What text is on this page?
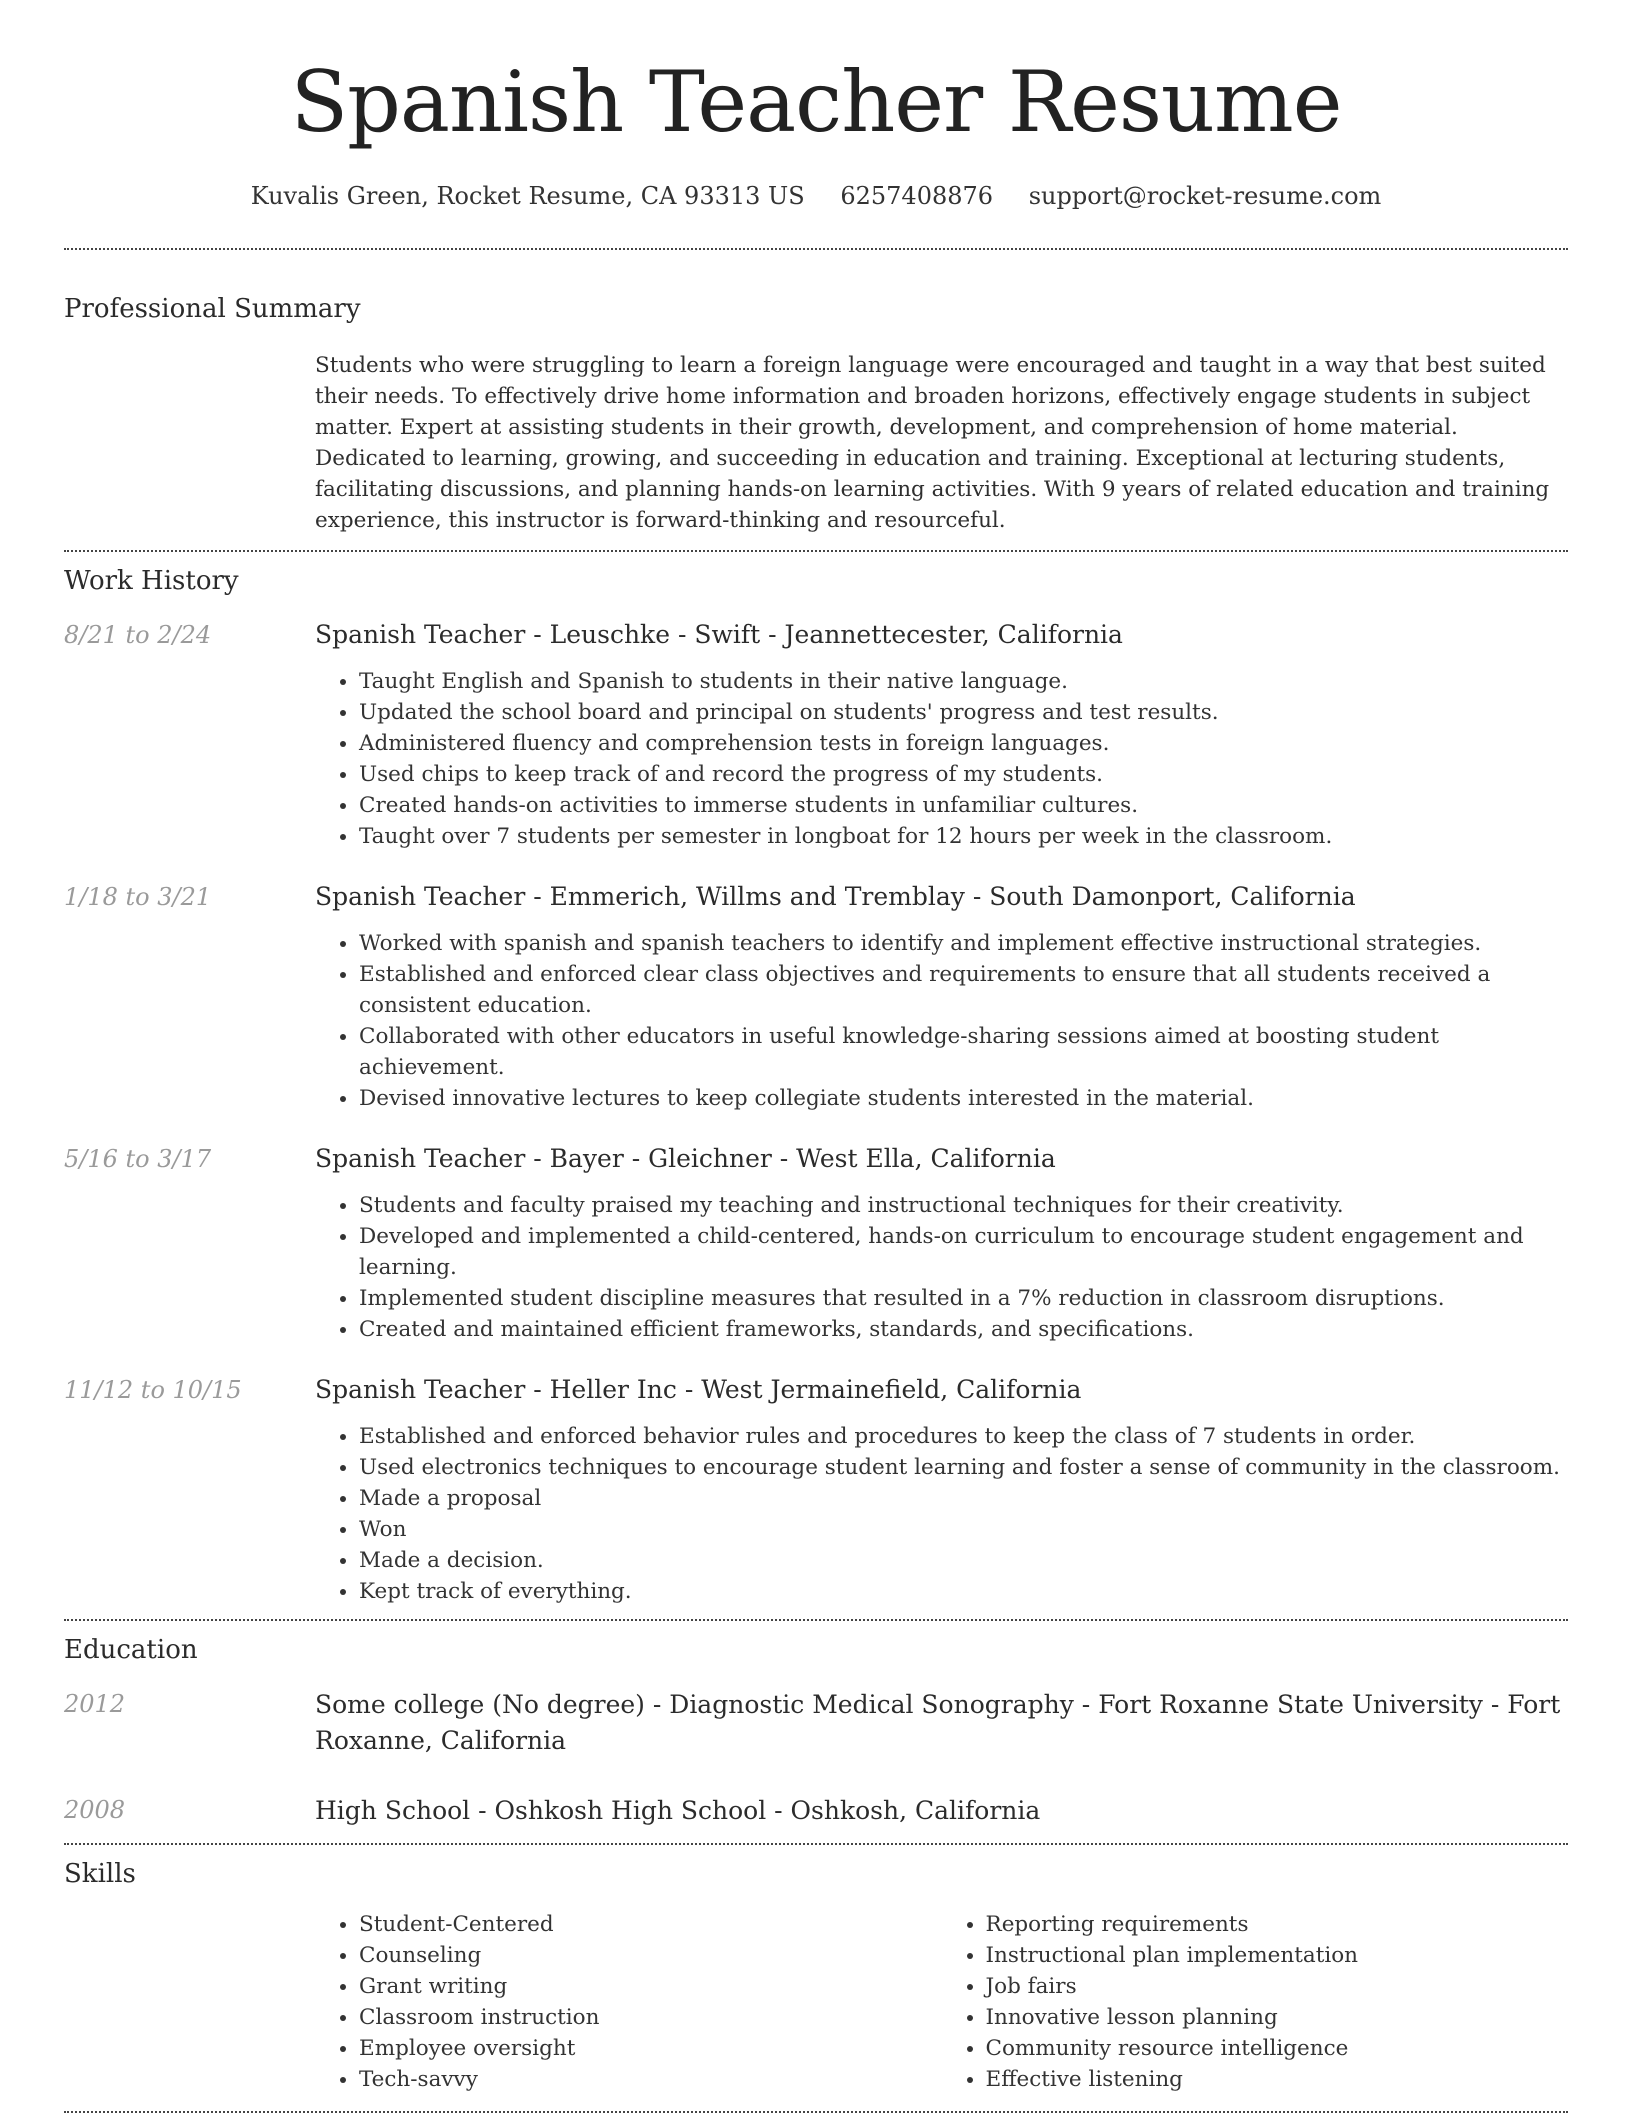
Spanish Teacher Resume
Kuvalis Green, Rocket Resume, CA 93313 US 6257408876 support@rocket-resume.com
Professional Summary

Students who were struggling to learn a foreign language were encouraged and taught in a way that best suited their needs. To effectively drive home information and broaden horizons, effectively engage students in subject matter. Expert at assisting students in their growth, development, and comprehension of home material. Dedicated to learning, growing, and succeeding in education and training. Exceptional at lecturing students, facilitating discussions, and planning hands-on learning activities. With 9 years of related education and training experience, this instructor is forward-thinking and resourceful.

Work History
8/21 to 2/24	Spanish Teacher - Leuschke - Swift - Jeannettecester, California
• Taught English and Spanish to students in their native language.
• Updated the school board and principal on students' progress and test results.
• Administered fluency and comprehension tests in foreign languages.
• Used chips to keep track of and record the progress of my students.
• Created hands-on activities to immerse students in unfamiliar cultures.
• Taught over 7 students per semester in longboat for 12 hours per week in the classroom.
1/18 to 3/21	Spanish Teacher - Emmerich, Willms and Tremblay - South Damonport, California
• Worked with spanish and spanish teachers to identify and implement effective instructional strategies.
• Established and enforced clear class objectives and requirements to ensure that all students received a consistent education.
• Collaborated with other educators in useful knowledge-sharing sessions aimed at boosting student achievement.
• Devised innovative lectures to keep collegiate students interested in the material.
5/16 to 3/17	Spanish Teacher - Bayer - Gleichner - West Ella, California
• Students and faculty praised my teaching and instructional techniques for their creativity.
• Developed and implemented a child-centered, hands-on curriculum to encourage student engagement and learning.
• Implemented student discipline measures that resulted in a 7% reduction in classroom disruptions.
• Created and maintained efficient frameworks, standards, and specifications.
11/12 to 10/15	Spanish Teacher - Heller Inc - West Jermainefield, California
• Established and enforced behavior rules and procedures to keep the class of 7 students in order.
• Used electronics techniques to encourage student learning and foster a sense of community in the classroom.
• Made a proposal
• Won
• Made a decision.
• Kept track of everything.
Education
2012	Some college (No degree) - Diagnostic Medical Sonography - Fort Roxanne State University - Fort Roxanne, California
2008	High School - Oshkosh High School - Oshkosh, California
Skills
• Student-Centered
• Counseling
• Grant writing
• Classroom instruction
• Employee oversight
• Tech-savvy
• Reporting requirements
• Instructional plan implementation
• Job fairs
• Innovative lesson planning
• Community resource intelligence
• Effective listening
